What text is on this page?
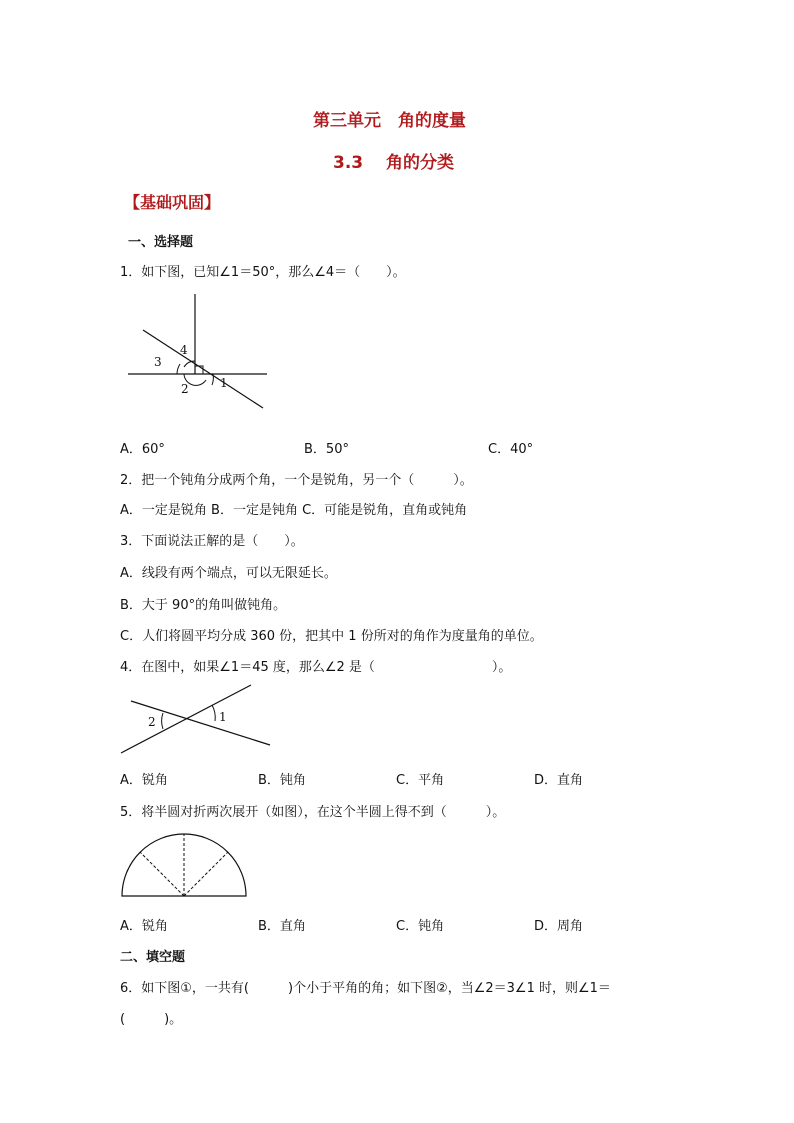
第三单元　角的度量
3.3　 角的分类
【基础巩固】
一、选择题
1．如下图，已知∠1＝50°，那么∠4＝（　　）。
4
3
2	1
A．60°	B．50°	C．40°
2．把一个钝角分成两个角，一个是锐角，另一个（　　　）。
A．一定是锐角 B．一定是钝角 C．可能是锐角，直角或钝角
3．下面说法正解的是（　　）。
A．线段有两个端点，可以无限延长。
B．大于 90°的角叫做钝角。
C．人们将圆平均分成 360 份，把其中 1 份所对的角作为度量角的单位。
4．在图中，如果∠1＝45 度，那么∠2 是（　　　　　　　　　）。
2	1
A．锐角	B．钝角	C．平角	D．直角
5．将半圆对折两次展开（如图），在这个半圆上得不到（　　　）。
A．锐角	B．直角	C．钝角	D．周角
二、填空题
6．如下图①，一共有(　　　)个小于平角的角；如下图②，当∠2＝3∠1 时，则∠1＝
(　　　)。
